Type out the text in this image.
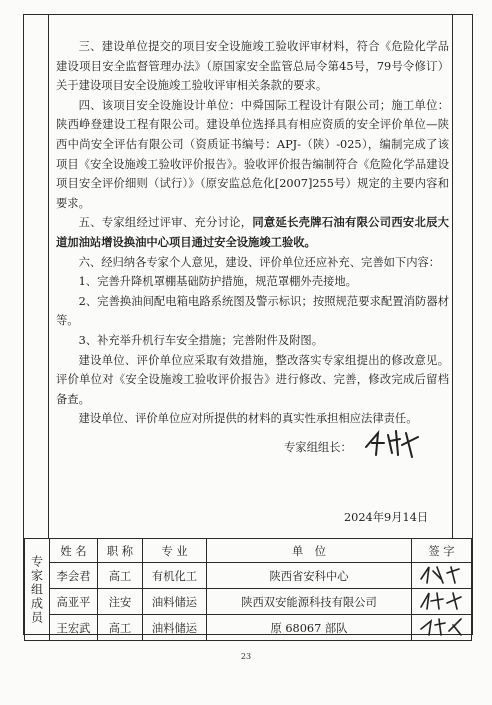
三、建设单位提交的项目安全设施竣工验收评审材料，符合《危险化学品建设项目安全监督管理办法》（原国家安全监管总局令第45号，79号令修订）关于建设项目安全设施竣工验收评审相关条款的要求。

四、该项目安全设施设计单位：中舜国际工程设计有限公司；施工单位：陕西峥登建设工程有限公司。建设单位选择具有相应资质的安全评价单位—陕西中尚安全评估有限公司（资质证书编号：APJ-（陕）-025），编制完成了该项目《安全设施竣工验收评价报告》。验收评价报告编制符合《危险化学品建设项目安全评价细则（试行）》（原安监总危化[2007]255号）规定的主要内容和要求。

五、专家组经过评审、充分讨论，同意延长壳牌石油有限公司西安北辰大道加油站增设换油中心项目通过安全设施竣工验收。

六、经归纳各专家个人意见，建设、评价单位还应补充、完善如下内容：

1、完善升降机罩棚基础防护措施，规范罩棚外壳接地。

2、完善换油间配电箱电路系统图及警示标识；按照规范要求配置消防器材等。

3、补充举升机行车安全措施；完善附件及附图。

建设单位、评价单位应采取有效措施，整改落实专家组提出的修改意见。评价单位对《安全设施竣工验收评价报告》进行修改、完善，修改完成后留档备查。

建设单位、评价单位应对所提供的材料的真实性承担相应法律责任。

专家组组长：
2024年9月14日
专家组成员	姓 名	职 称	专 业	单　位	签 字
	李会君	高工	有机化工	陕西省安科中心	
	高亚平	注安	油料储运	陕西双安能源科技有限公司	
	王宏武	高工	油料储运	原 68067 部队	
23
